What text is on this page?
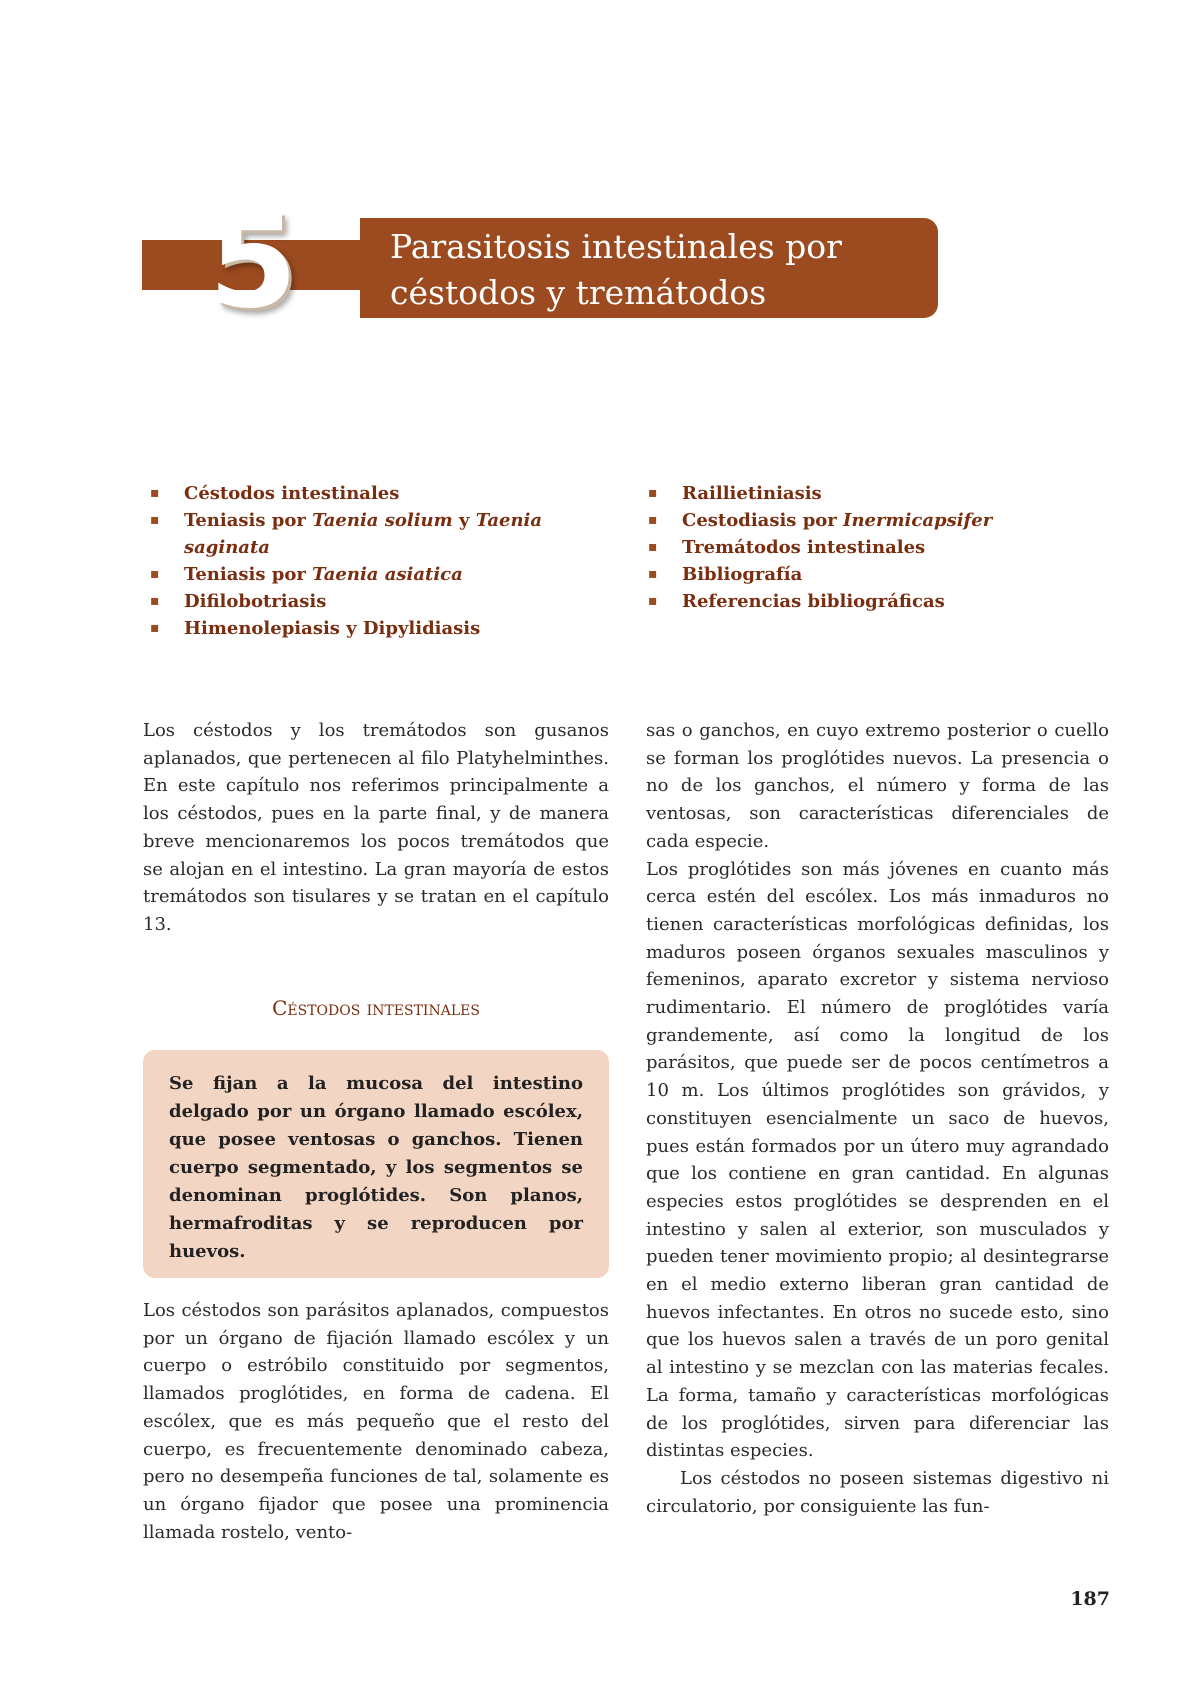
5	Parasitosis intestinales por céstodos y tremátodos
▪ Céstodos intestinales
▪ Teniasis por Taenia solium y Taenia saginata
▪ Teniasis por Taenia asiatica
▪ Difilobotriasis
▪ Himenolepiasis y Dipylidiasis
▪ Raillietiniasis
▪ Cestodiasis por Inermicapsifer
▪ Tremátodos intestinales
▪ Bibliografía
▪ Referencias bibliográficas

Los céstodos y los tremátodos son gusanos aplanados, que pertenecen al filo Platyhelminthes. En este capítulo nos referimos principalmente a los céstodos, pues en la parte final, y de manera breve mencionaremos los pocos tremátodos que se alojan en el intestino. La gran mayoría de estos tremátodos son tisulares y se tratan en el capítulo 13.

Céstodos intestinales

Se fijan a la mucosa del intestino delgado por un órgano llamado escólex, que posee ventosas o ganchos. Tienen cuerpo segmentado, y los segmentos se denominan proglótides. Son planos, hermafroditas y se reproducen por huevos.

Los céstodos son parásitos aplanados, compuestos por un órgano de fijación llamado escólex y un cuerpo o estróbilo constituido por segmentos, llamados proglótides, en forma de cadena. El escólex, que es más pequeño que el resto del cuerpo, es frecuentemente denominado cabeza, pero no desempeña funciones de tal, solamente es un órgano fijador que posee una prominencia llamada rostelo, vento-

sas o ganchos, en cuyo extremo posterior o cuello se forman los proglótides nuevos. La presencia o no de los ganchos, el número y forma de las ventosas, son características diferenciales de cada especie.

Los proglótides son más jóvenes en cuanto más cerca estén del escólex. Los más inmaduros no tienen características morfológicas definidas, los maduros poseen órganos sexuales masculinos y femeninos, aparato excretor y sistema nervioso rudimentario. El número de proglótides varía grandemente, así como la longitud de los parásitos, que puede ser de pocos centímetros a 10 m. Los últimos proglótides son grávidos, y constituyen esencialmente un saco de huevos, pues están formados por un útero muy agrandado que los contiene en gran cantidad. En algunas especies estos proglótides se desprenden en el intestino y salen al exterior, son musculados y pueden tener movimiento propio; al desintegrarse en el medio externo liberan gran cantidad de huevos infectantes. En otros no sucede esto, sino que los huevos salen a través de un poro genital al intestino y se mezclan con las materias fecales. La forma, tamaño y características morfológicas de los proglótides, sirven para diferenciar las distintas especies.

Los céstodos no poseen sistemas digestivo ni circulatorio, por consiguiente las fun-

187
